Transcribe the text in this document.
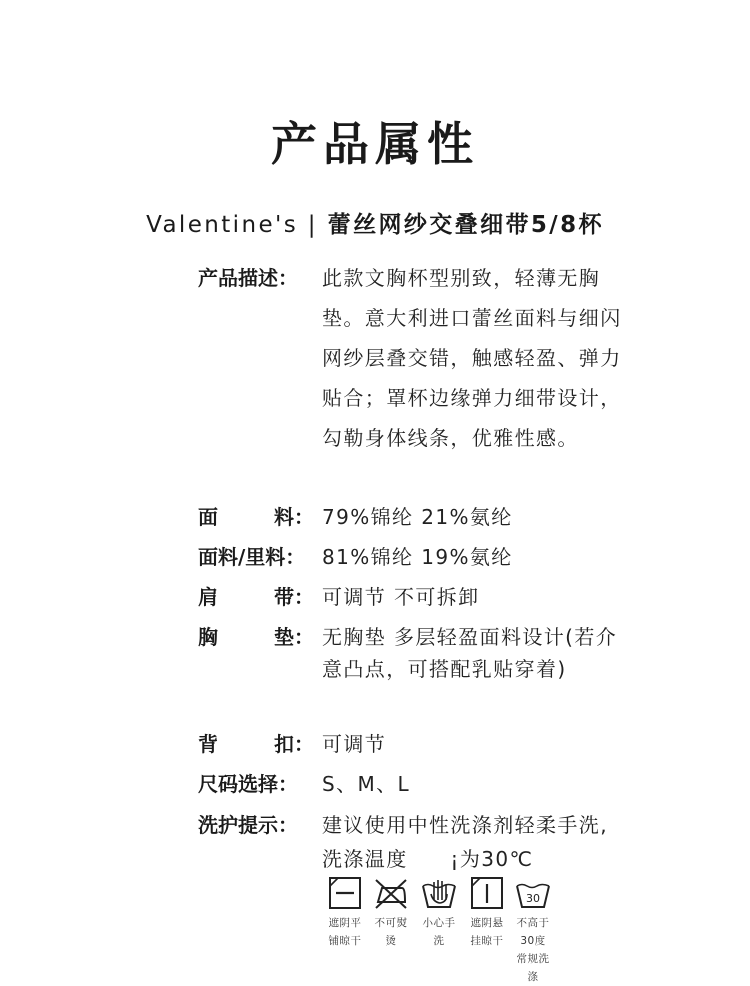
产品属性
Valentine's | 蕾丝网纱交叠细带5/8杯
产品描述： 此款文胸杯型别致，轻薄无胸垫。意大利进口蕾丝面料与细闪网纱层叠交错，触感轻盈、弹力贴合；罩杯边缘弹力细带设计，勾勒身体线条，优雅性感。
面	料： 79%锦纶 21%氨纶
面料/里料： 81%锦纶 19%氨纶
肩	带： 可调节 不可拆卸
胸	垫： 无胸垫 多层轻盈面料设计(若介意凸点，可搭配乳贴穿着)
背	扣： 可调节
尺码选择： S、M、L
洗护提示： 建议使用中性洗涤剂轻柔手洗,洗涤温度　　¡为30℃
遮阴平
铺晾干
不可熨
烫
小心手
洗
遮阴悬
挂晾干
30
不高于
30度
常规洗
涤
